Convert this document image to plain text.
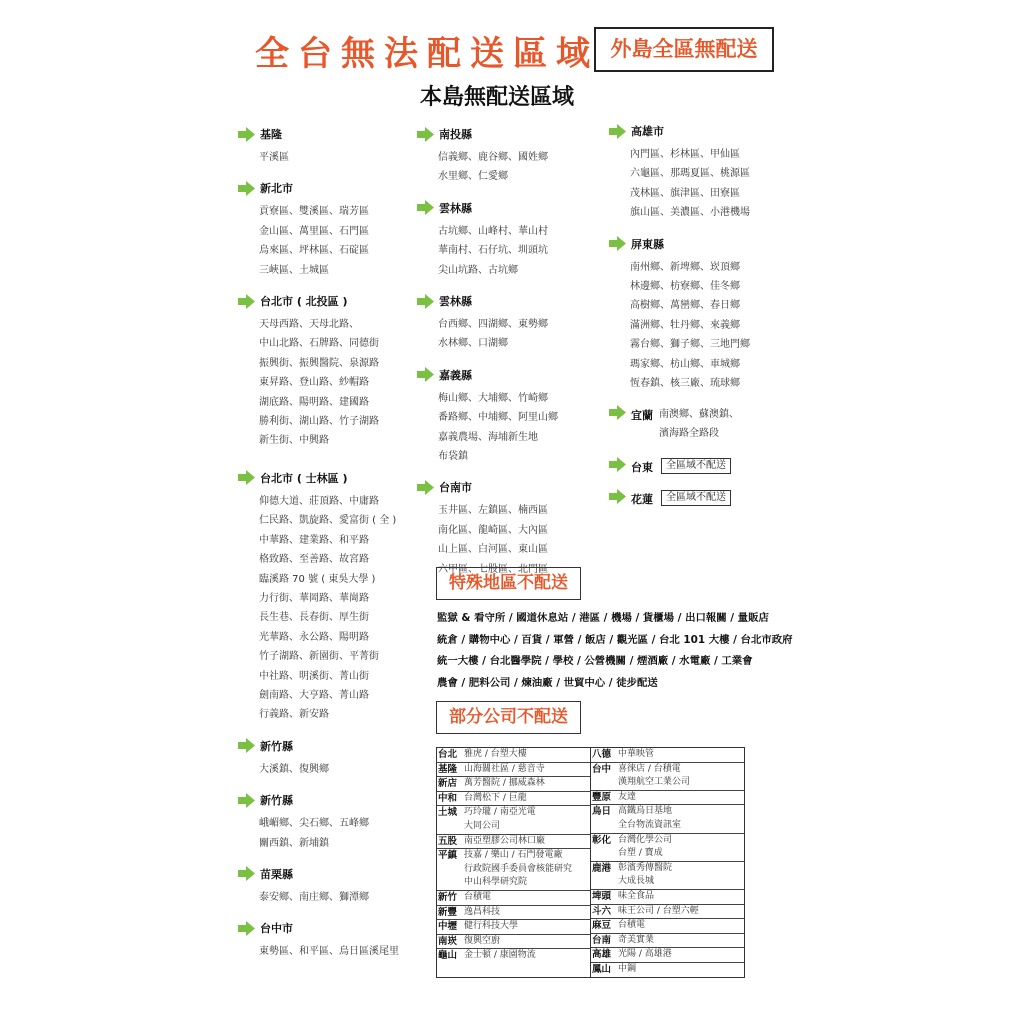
全台無法配送區域 外島全區無配送
本島無配送區域
基隆
平溪區
新北市
貢寮區、雙溪區、瑞芳區
金山區、萬里區、石門區
烏來區、坪林區、石碇區
三峽區、土城區
台北市 ( 北投區 )
天母西路、天母北路、
中山北路、石牌路、同德街
振興街、振興醫院、泉源路
東昇路、登山路、紗帽路
湖底路、陽明路、建國路
勝利街、湖山路、竹子湖路
新生街、中興路
台北市 ( 士林區 )
仰德大道、莊頂路、中庸路
仁民路、凱旋路、愛富街 ( 全 )
中華路、建業路、和平路
格致路、至善路、故宮路
臨溪路 70 號 ( 東吳大學 )
力行街、華岡路、華崗路
長生巷、長春街、厚生街
光華路、永公路、陽明路
竹子湖路、新園街、平菁街
中社路、明溪街、菁山街
劍南路、大亨路、菁山路
行義路、新安路
新竹縣
大溪鎮、復興鄉
新竹縣
峨嵋鄉、尖石鄉、五峰鄉
關西鎮、新埔鎮
苗栗縣
泰安鄉、南庄鄉、獅潭鄉
台中市
東勢區、和平區、烏日區溪尾里
南投縣
信義鄉、鹿谷鄉、國姓鄉
水里鄉、仁愛鄉
雲林縣
古坑鄉、山峰村、華山村
華南村、石仔坑、圳頭坑
尖山坑路、古坑鄉
雲林縣
台西鄉、四湖鄉、東勢鄉
水林鄉、口湖鄉
嘉義縣
梅山鄉、大埔鄉、竹崎鄉
番路鄉、中埔鄉、阿里山鄉
嘉義農場、海埔新生地
布袋鎮
台南市
玉井區、左鎮區、楠西區
南化區、龍崎區、大內區
山上區、白河區、東山區
六甲區、七股區、北門區
高雄市
內門區、杉林區、甲仙區
六龜區、那瑪夏區、桃源區
茂林區、旗津區、田寮區
旗山區、美濃區、小港機場
屏東縣
南州鄉、新埤鄉、崁頂鄉
林邊鄉、枋寮鄉、佳冬鄉
高樹鄉、萬巒鄉、春日鄉
滿洲鄉、牡丹鄉、來義鄉
霧台鄉、獅子鄉、三地門鄉
瑪家鄉、枋山鄉、車城鄉
恆春鎮、核三廠、琉球鄉
宜蘭 南澳鄉、蘇澳鎮、
濱海路全路段
台東	全區域不配送
花蓮	全區域不配送
特殊地區不配送
監獄 & 看守所 / 國道休息站 / 港區 / 機場 / 貨櫃場 / 出口報關 / 量販店
統倉 / 購物中心 / 百貨 / 軍營 / 飯店 / 觀光區 / 台北 101 大樓 / 台北市政府
統一大樓 / 台北醫學院 / 學校 / 公營機關 / 煙酒廠 / 水電廠 / 工業會
農會 / 肥料公司 / 煉油廠 / 世貿中心 / 徒步配送
部分公司不配送
台北 雅虎 / 台塑大樓
基隆 山海關社區 / 慈音寺
新店 萬芳醫院 / 挪威森林
中和 台灣松下 / 巨龍
土城 巧玲瓏 / 南亞光電
大同公司
五股 南亞塑膠公司林口廠
平鎮 技嘉 / 樂山 / 石門發電廠
行政院國手委員會核能研究
中山科學研究院
新竹 台積電
新豐 逸昌科技
中壢 健行科技大學
南崁 復興空廚
龜山 金士頓 / 康園物流

八德 中華映管
台中 喜徠店 / 台積電
漢翔航空工業公司
豐原 友達
烏日 高鐵烏日基地
全台物流資訊室
彰化 台灣化學公司
台塑 / 寶成
鹿港 彰濱秀傳醫院
大成長城
埤頭 味全食品
斗六 味王公司 / 台塑六輕
麻豆 台積電
台南 奇美實業
高雄 光陽 / 高雄港
鳳山 中鋼
